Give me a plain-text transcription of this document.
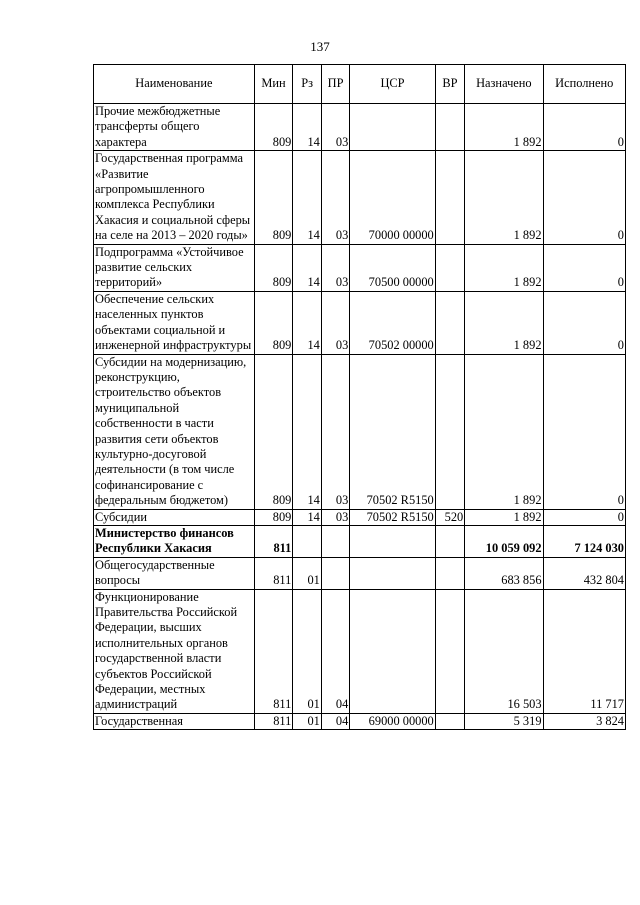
137
Наименование	Мин	Рз	ПР	ЦСР	ВР	Назначено	Исполнено
Прочие межбюджетные трансферты общего характера	809	14	03			1 892	0
Государственная программа «Развитие агропромышленного комплекса Республики Хакасия и социальной сферы на селе на 2013 – 2020 годы»	809	14	03	70000 00000		1 892	0
Подпрограмма «Устойчивое развитие сельских территорий»	809	14	03	70500 00000		1 892	0
Обеспечение сельских населенных пунктов объектами социальной и инженерной инфраструктуры	809	14	03	70502 00000		1 892	0
Субсидии на модернизацию, реконструкцию, строительство объектов муниципальной собственности в части развития сети объектов культурно-досуговой деятельности (в том числе софинансирование с федеральным бюджетом)	809	14	03	70502 R5150		1 892	0
Субсидии	809	14	03	70502 R5150	520	1 892	0
Министерство финансов Республики Хакасия	811					10 059 092	7 124 030
Общегосударственные вопросы	811	01				683 856	432 804
Функционирование Правительства Российской Федерации, высших исполнительных органов государственной власти субъектов Российской Федерации, местных администраций	811	01	04			16 503	11 717
Государственная	811	01	04	69000 00000		5 319	3 824
